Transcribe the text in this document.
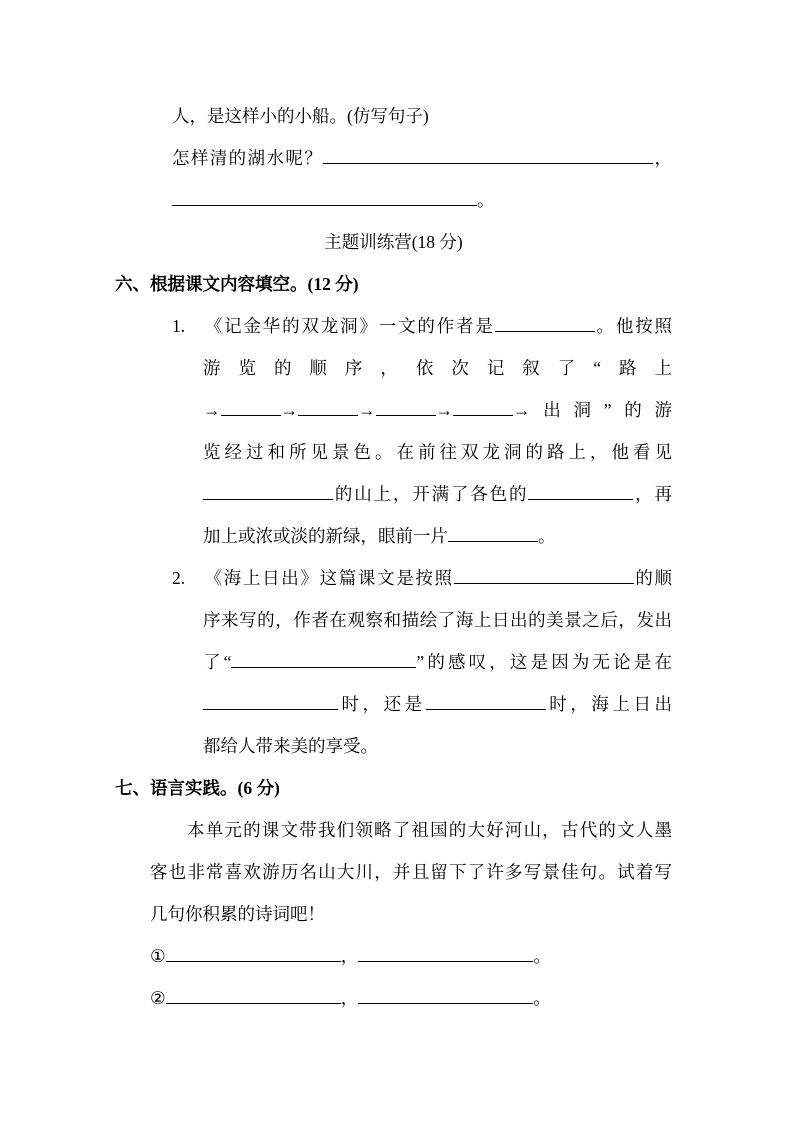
人，是这样小的小船。(仿写句子)
怎样清的湖水呢？	，
。
主题训练营(18 分)
六、根据课文内容填空。(12 分)
1. 《记金华的双龙洞》一文的作者是	。他按照
游览的顺序，依次记叙了“路上
→	→	→	→	→出洞”的游
览经过和所见景色。在前往双龙洞的路上，他看见
的山上，开满了各色的	，再
加上或浓或淡的新绿，眼前一片	。
2. 《海上日出》这篇课文是按照	的顺
序来写的，作者在观察和描绘了海上日出的美景之后，发出
了“	”的感叹，这是因为无论是在
时，还是	时，海上日出
都给人带来美的享受。
七、语言实践。(6 分)
本单元的课文带我们领略了祖国的大好河山，古代的文人墨
客也非常喜欢游历名山大川，并且留下了许多写景佳句。试着写
几句你积累的诗词吧！
①	，	。
②	，	。
